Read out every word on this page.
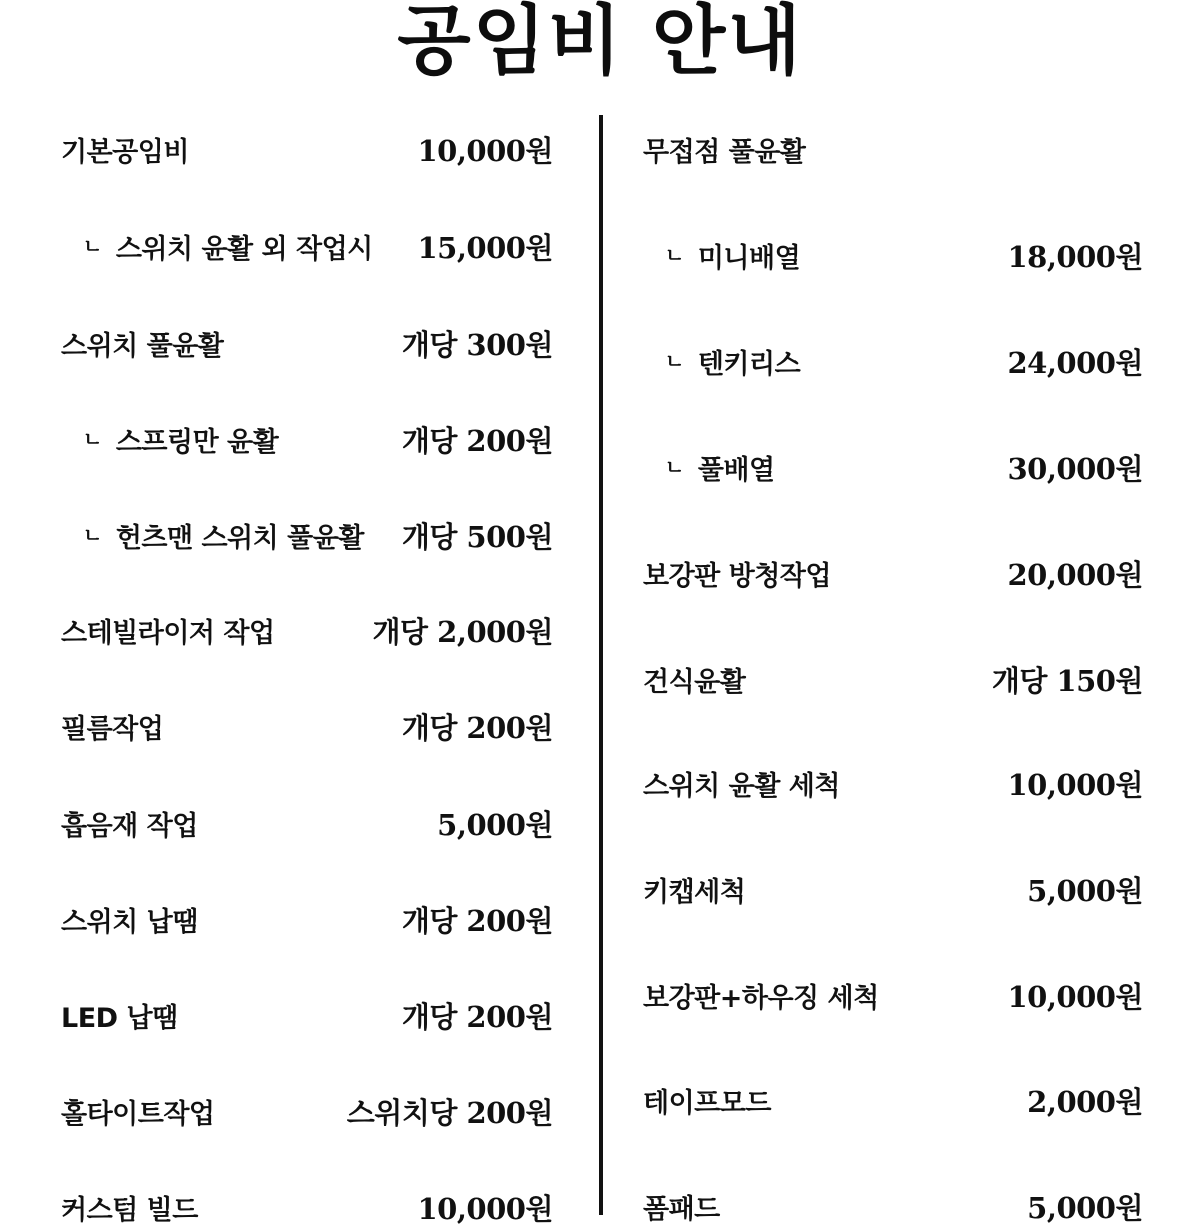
공임비 안내
기본공임비	10,000원
ㄴ 스위치 윤활 외 작업시 15,000원
스위치 풀윤활	개당 300원
ㄴ 스프링만 윤활	개당 200원
ㄴ 헌츠맨 스위치 풀윤활 개당 500원
스테빌라이저 작업	개당 2,000원
필름작업	개당 200원
흡음재 작업	5,000원
스위치 납땜	개당 200원
LED 납땜	개당 200원
홀타이트작업	스위치당 200원
커스텀 빌드	10,000원
무접점 풀윤활
ㄴ 미니배열	18,000원
ㄴ 텐키리스	24,000원
ㄴ 풀배열	30,000원
보강판 방청작업	20,000원
건식윤활	개당 150원
스위치 윤활 세척	10,000원
키캡세척	5,000원
보강판+하우징 세척	10,000원
테이프모드	2,000원
폼패드	5,000원
